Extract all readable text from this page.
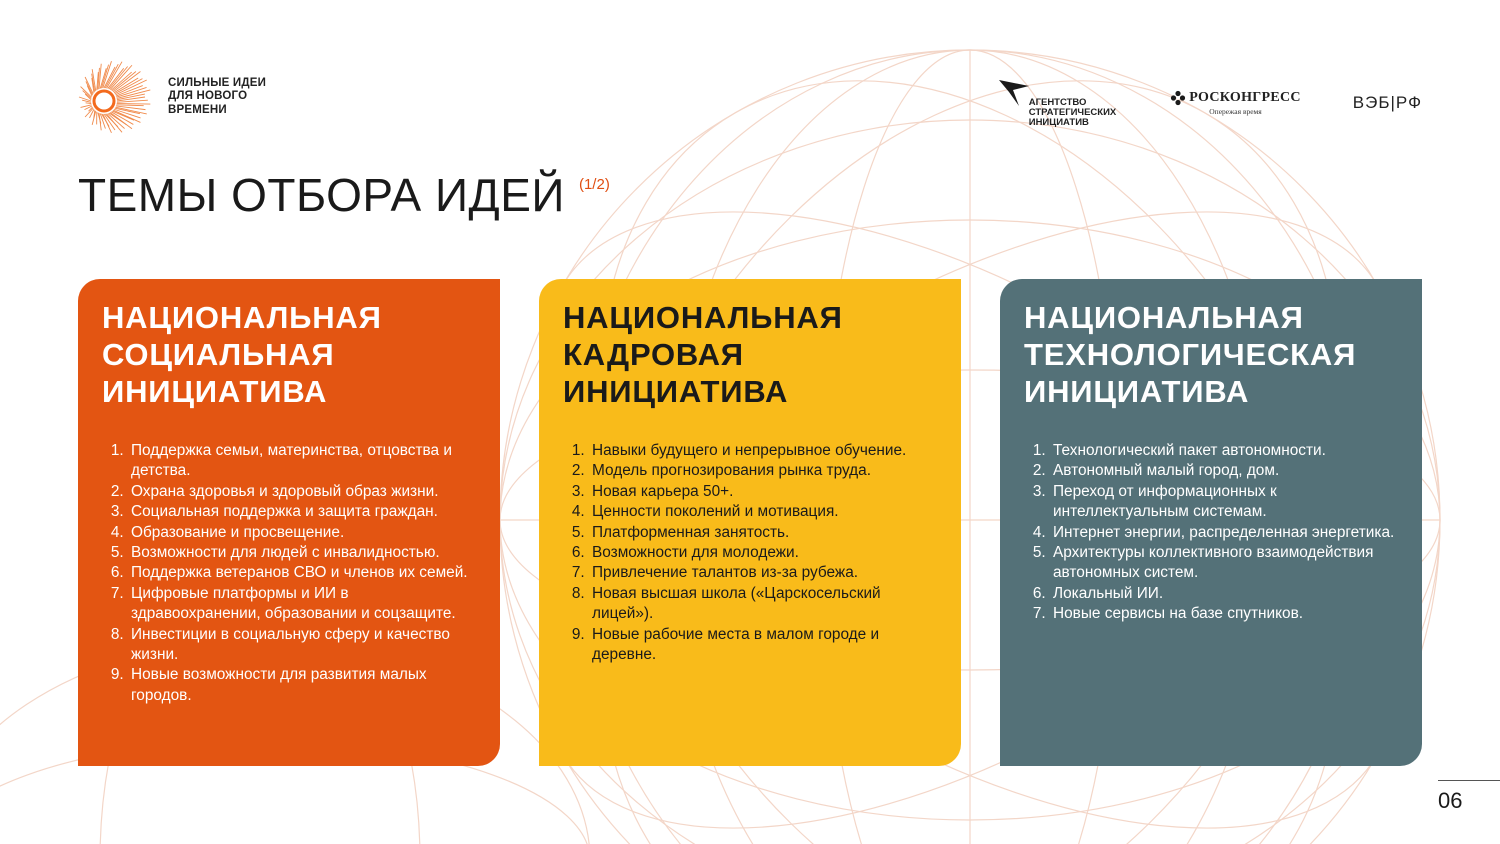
СИЛЬНЫЕ ИДЕИ
ДЛЯ НОВОГО
ВРЕМЕНИ
АГЕНТСТВО
СТРАТЕГИЧЕСКИХ
ИНИЦИАТИВ
РОСКОНГРЕСС
Опережая время	ВЭБ|РФ
ТЕМЫ ОТБОРА ИДЕЙ (1/2)
НАЦИОНАЛЬНАЯ
СОЦИАЛЬНАЯ
ИНИЦИАТИВА
1. Поддержка семьи, материнства, отцовства и детства.
2. Охрана здоровья и здоровый образ жизни.
3. Социальная поддержка и защита граждан.
4. Образование и просвещение.
5. Возможности для людей с инвалидностью.
6. Поддержка ветеранов СВО и членов их семей.
7. Цифровые платформы и ИИ в здравоохранении, образовании и соцзащите.
8. Инвестиции в социальную сферу и качество жизни.
9. Новые возможности для развития малых городов.
НАЦИОНАЛЬНАЯ
КАДРОВАЯ
ИНИЦИАТИВА
1. Навыки будущего и непрерывное обучение.
2. Модель прогнозирования рынка труда.
3. Новая карьера 50+.
4. Ценности поколений и мотивация.
5. Платформенная занятость.
6. Возможности для молодежи.
7. Привлечение талантов из-за рубежа.
8. Новая высшая школа («Царскосельский лицей»).
9. Новые рабочие места в малом городе и деревне.
НАЦИОНАЛЬНАЯ
ТЕХНОЛОГИЧЕСКАЯ
ИНИЦИАТИВА
1. Технологический пакет автономности.
2. Автономный малый город, дом.
3. Переход от информационных к интеллектуальным системам.
4. Интернет энергии, распределенная энергетика.
5. Архитектуры коллективного взаимодействия автономных систем.
6. Локальный ИИ.
7. Новые сервисы на базе спутников.
06
